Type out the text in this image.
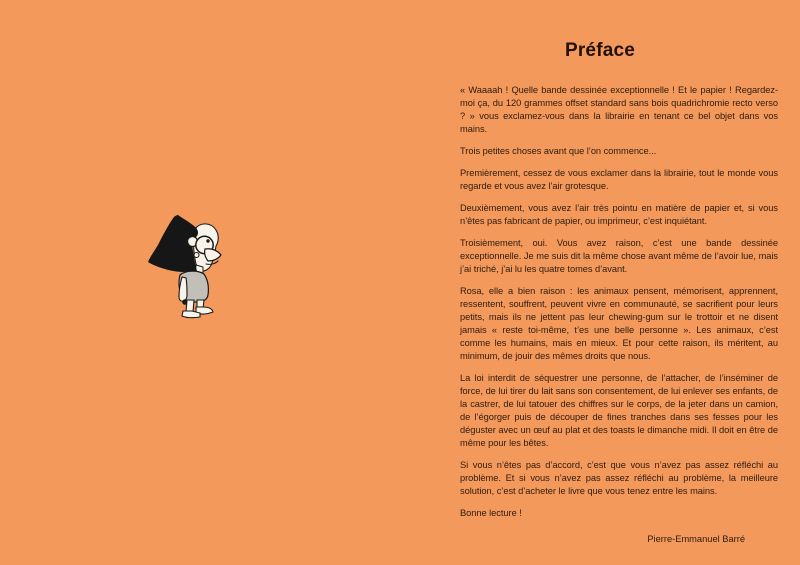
Préface

« Waaaah ! Quelle bande dessinée exceptionnelle ! Et le papier ! Regardez-moi ça, du 120 grammes offset standard sans bois quadrichromie recto verso ? » vous exclamez-vous dans la librairie en tenant ce bel objet dans vos mains.

Trois petites choses avant que l’on commence...

Premièrement, cessez de vous exclamer dans la librairie, tout le monde vous regarde et vous avez l’air grotesque.

Deuxièmement, vous avez l’air très pointu en matière de papier et, si vous n’êtes pas fabricant de papier, ou imprimeur, c’est inquiétant.

Troisièmement, oui. Vous avez raison, c’est une bande dessinée exceptionnelle. Je me suis dit la même chose avant même de l’avoir lue, mais j’ai triché, j’ai lu les quatre tomes d’avant.

Rosa, elle a bien raison : les animaux pensent, mémorisent, apprennent, ressentent, souffrent, peuvent vivre en communauté, se sacrifient pour leurs petits, mais ils ne jettent pas leur chewing-gum sur le trottoir et ne disent jamais « reste toi-même, t’es une belle personne ». Les animaux, c’est comme les humains, mais en mieux. Et pour cette raison, ils méritent, au minimum, de jouir des mêmes droits que nous.

La loi interdit de séquestrer une personne, de l’attacher, de l’inséminer de force, de lui tirer du lait sans son consentement, de lui enlever ses enfants, de la castrer, de lui tatouer des chiffres sur le corps, de la jeter dans un camion, de l’égorger puis de découper de fines tranches dans ses fesses pour les déguster avec un œuf au plat et des toasts le dimanche midi. Il doit en être de même pour les bêtes.

Si vous n’êtes pas d’accord, c’est que vous n’avez pas assez réfléchi au problème. Et si vous n’avez pas assez réfléchi au problème, la meilleure solution, c’est d’acheter le livre que vous tenez entre les mains.

Bonne lecture !

Pierre-Emmanuel Barré
